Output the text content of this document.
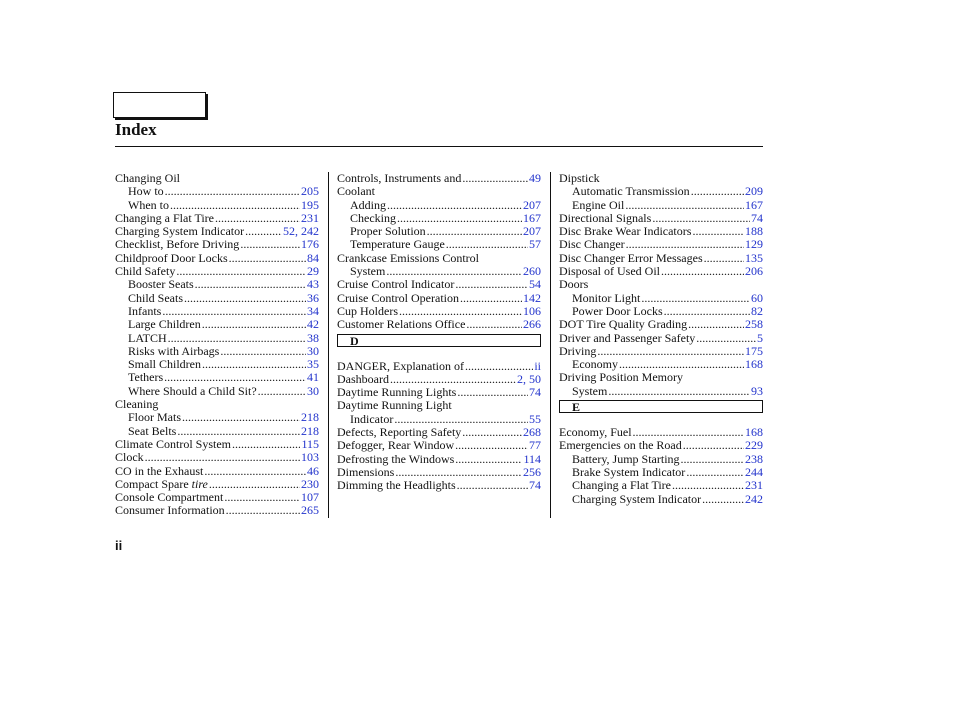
Index
Changing Oil
How to .....	205
When to .....	195
Changing a Flat Tire .....	231
Charging System Indicator .....	52, 242
Checklist, Before Driving .....	176
Childproof Door Locks .....	84
Child Safety .....	29
Booster Seats .....	43
Child Seats .....	36
Infants .....	34
Large Children .....	42
LATCH .....	38
Risks with Airbags .....	30
Small Children .....	35
Tethers .....	41
Where Should a Child Sit? .....	30
Cleaning
Floor Mats .....	218
Seat Belts .....	218
Climate Control System .....	115
Clock .....	103
CO in the Exhaust .....	46
Compact Spare tire .....	230
Console Compartment .....	107
Consumer Information .....	265
Controls, Instruments and .....	49
Coolant
Adding .....	207
Checking .....	167
Proper Solution .....	207
Temperature Gauge .....	57
Crankcase Emissions Control
System .....	260
Cruise Control Indicator .....	54
Cruise Control Operation .....	142
Cup Holders .....	106
Customer Relations Office .....	266
D
DANGER, Explanation of .....	ii
Dashboard .....	2, 50
Daytime Running Lights .....	74
Daytime Running Light
Indicator .....	55
Defects, Reporting Safety .....	268
Defogger, Rear Window .....	77
Defrosting the Windows .....	114
Dimensions .....	256
Dimming the Headlights .....	74
Dipstick
Automatic Transmission .....	209
Engine Oil .....	167
Directional Signals .....	74
Disc Brake Wear Indicators .....	188
Disc Changer .....	129
Disc Changer Error Messages .....	135
Disposal of Used Oil .....	206
Doors
Monitor Light .....	60
Power Door Locks .....	82
DOT Tire Quality Grading .....	258
Driver and Passenger Safety .....	5
Driving .....	175
Economy .....	168
Driving Position Memory
System .....	93
E
Economy, Fuel .....	168
Emergencies on the Road .....	229
Battery, Jump Starting .....	238
Brake System Indicator .....	244
Changing a Flat Tire .....	231
Charging System Indicator .....	242
ii
